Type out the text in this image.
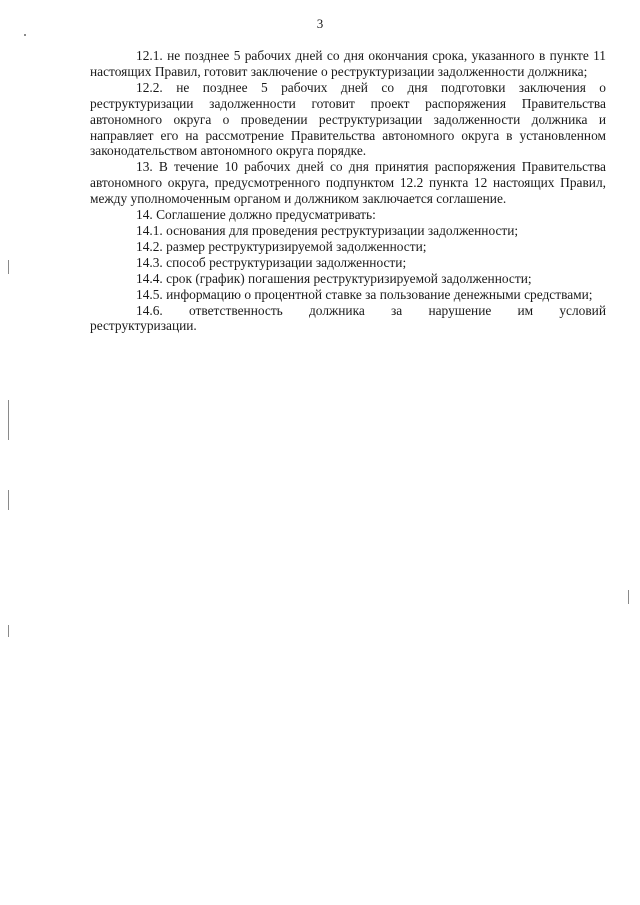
3

12.1. не позднее 5 рабочих дней со дня окончания срока, указанного в пункте 11 настоящих Правил, готовит заключение о реструктуризации задолженности должника;

12.2. не позднее 5 рабочих дней со дня подготовки заключения о реструктуризации задолженности готовит проект распоряжения Правительства автономного округа о проведении реструктуризации задолженности должника и направляет его на рассмотрение Правительства автономного округа в установленном законодательством автономного округа порядке.

13. В течение 10 рабочих дней со дня принятия распоряжения Правительства автономного округа, предусмотренного подпунктом 12.2 пункта 12 настоящих Правил, между уполномоченным органом и должником заключается соглашение.

14. Соглашение должно предусматривать:

14.1. основания для проведения реструктуризации задолженности;

14.2. размер реструктуризируемой задолженности;

14.3. способ реструктуризации задолженности;

14.4. срок (график) погашения реструктуризируемой задолженности;

14.5. информацию о процентной ставке за пользование денежными средствами;

14.6. ответственность должника за нарушение им условий

реструктуризации.
